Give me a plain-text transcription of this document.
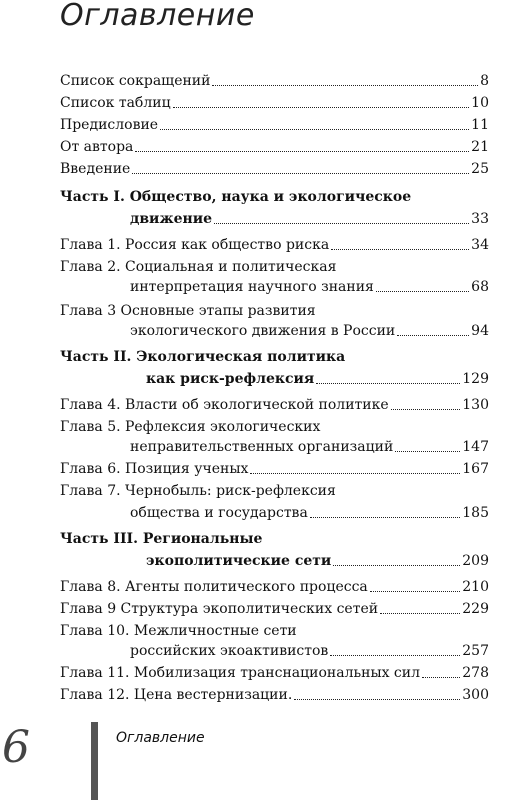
Оглавление
Список сокращений	8
Список таблиц	10
Предисловие	11
От автора	21
Введение	25
Часть I. Общество, наука и экологическое
движение	33
Глава 1. Россия как общество риска	34
Глава 2. Социальная и политическая
интерпретация научного знания	68
Глава 3 Основные этапы развития
экологического движения в России	94
Часть II. Экологическая политика
как риск-рефлексия	129
Глава 4. Власти об экологической политике	130
Глава 5. Рефлексия экологических
неправительственных организаций	147
Глава 6. Позиция ученых	167
Глава 7. Чернобыль: риск-рефлексия
общества и государства	185
Часть III. Региональные
экополитические сети	209
Глава 8. Агенты политического процесса	210
Глава 9 Структура экополитических сетей	229
Глава 10. Межличностные сети
российских экоактивистов	257
Глава 11. Мобилизация транснациональных сил	278
Глава 12. Цена вестернизации.	300
6	Оглавление
